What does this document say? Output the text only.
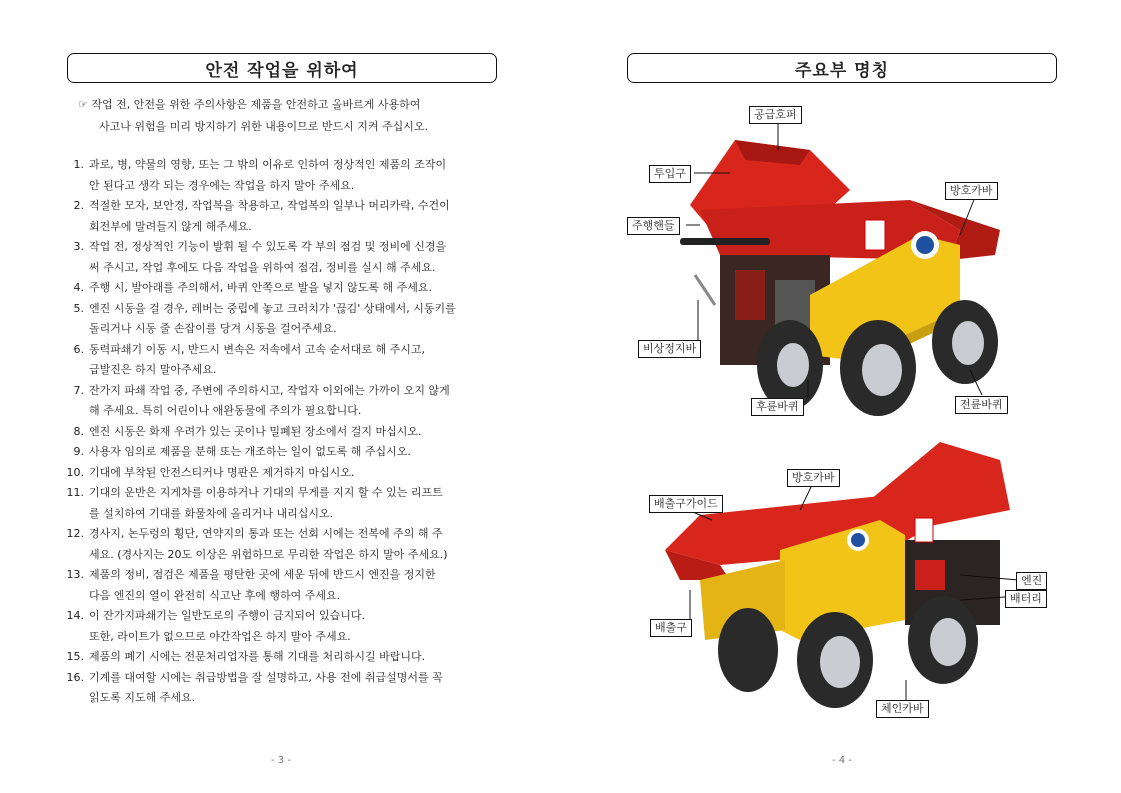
안전 작업을 위하여
☞ 작업 전, 안전을 위한 주의사항은 제품을 안전하고 올바르게 사용하여
사고나 위험을 미리 방지하기 위한 내용이므로 반드시 지켜 주십시오.
1. 과로, 병, 약물의 영향, 또는 그 밖의 이유로 인하여 정상적인 제품의 조작이
안 된다고 생각 되는 경우에는 작업을 하지 말아 주세요.
2. 적절한 모자, 보안경, 작업복을 착용하고, 작업복의 일부나 머리카락, 수건이
회전부에 말려들지 않게 해주세요.
3. 작업 전, 정상적인 기능이 발휘 될 수 있도록 각 부의 점검 및 정비에 신경을
써 주시고, 작업 후에도 다음 작업을 위하여 점검, 정비를 실시 해 주세요.
4. 주행 시, 발아래를 주의해서, 바퀴 안쪽으로 발을 넣지 않도록 해 주세요.
5. 엔진 시동을 걸 경우, 레버는 중립에 놓고 크러치가 '끊김' 상태에서, 시동키를
돌리거나 시동 줄 손잡이를 당겨 시동을 걸어주세요.
6. 동력파쇄기 이동 시, 반드시 변속은 저속에서 고속 순서대로 해 주시고,
급발진은 하지 말아주세요.
7. 잔가지 파쇄 작업 중, 주변에 주의하시고, 작업자 이외에는 가까이 오지 않게
해 주세요. 특히 어린이나 애완동물에 주의가 필요합니다.
8. 엔진 시동은 화재 우려가 있는 곳이나 밀폐된 장소에서 걸지 마십시오.
9. 사용자 임의로 제품을 분해 또는 개조하는 일이 없도록 해 주십시오.
10. 기대에 부착된 안전스티커나 명판은 제거하지 마십시오.
11. 기대의 운반은 지게차를 이용하거나 기대의 무게를 지지 할 수 있는 리프트
를 설치하여 기대를 화물차에 올리거나 내리십시오.
12. 경사지, 논두렁의 횡단, 연약지의 통과 또는 선회 시에는 전복에 주의 해 주
세요. (경사지는 20도 이상은 위험하므로 무리한 작업은 하지 말아 주세요.)
13. 제품의 정비, 점검은 제품을 평탄한 곳에 세운 뒤에 반드시 엔진을 정지한
다음 엔진의 열이 완전히 식고난 후에 행하여 주세요.
14. 이 잔가지파쇄기는 일반도로의 주행이 금지되어 있습니다.
또한, 라이트가 없으므로 야간작업은 하지 말아 주세요.
15. 제품의 폐기 시에는 전문처리업자를 통해 기대를 처리하시길 바랍니다.
16. 기계를 대여할 시에는 취급방법을 잘 설명하고, 사용 전에 취급설명서를 꼭
읽도록 지도해 주세요.
- 3 -
주요부 명칭
공급호퍼
투입구
방호카바
주행핸들
비상정지바
후륜바퀴	전륜바퀴
방호카바
배출구가이드
엔진
배터리
배출구
체인카바
- 4 -
